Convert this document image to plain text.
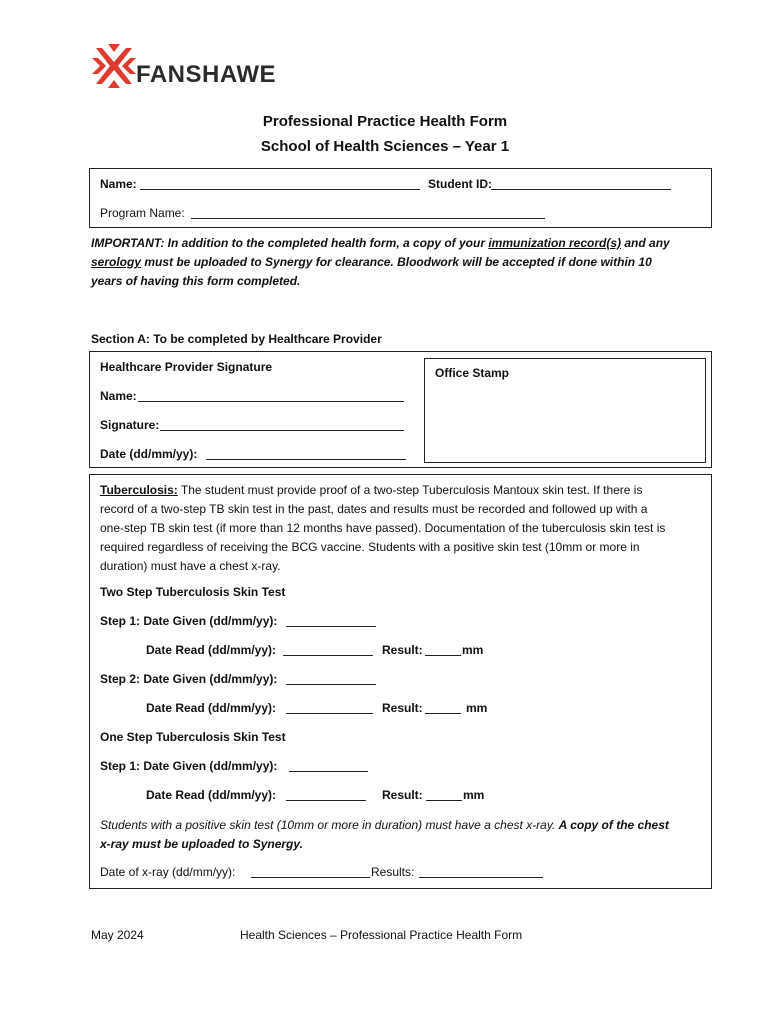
FANSHAWE
Professional Practice Health Form
School of Health Sciences – Year 1
Name:	Student ID:
Program Name:
IMPORTANT: In addition to the completed health form, a copy of your immunization record(s) and any
serology must be uploaded to Synergy for clearance. Bloodwork will be accepted if done within 10
years of having this form completed.
Section A: To be completed by Healthcare Provider
Healthcare Provider Signature
Name:
Signature:
Date (dd/mm/yy):
Office Stamp
Tuberculosis: The student must provide proof of a two-step Tuberculosis Mantoux skin test. If there is
record of a two-step TB skin test in the past, dates and results must be recorded and followed up with a
one-step TB skin test (if more than 12 months have passed). Documentation of the tuberculosis skin test is
required regardless of receiving the BCG vaccine. Students with a positive skin test (10mm or more in
duration) must have a chest x-ray.
Two Step Tuberculosis Skin Test
Step 1: Date Given (dd/mm/yy):
Date Read (dd/mm/yy):	Result:	mm
Step 2: Date Given (dd/mm/yy):
Date Read (dd/mm/yy):	Result:	mm
One Step Tuberculosis Skin Test
Step 1: Date Given (dd/mm/yy):
Date Read (dd/mm/yy):	Result:	mm
Students with a positive skin test (10mm or more in duration) must have a chest x-ray. A copy of the chest
x-ray must be uploaded to Synergy.
Date of x-ray (dd/mm/yy):	Results:
May 2024	Health Sciences – Professional Practice Health Form
